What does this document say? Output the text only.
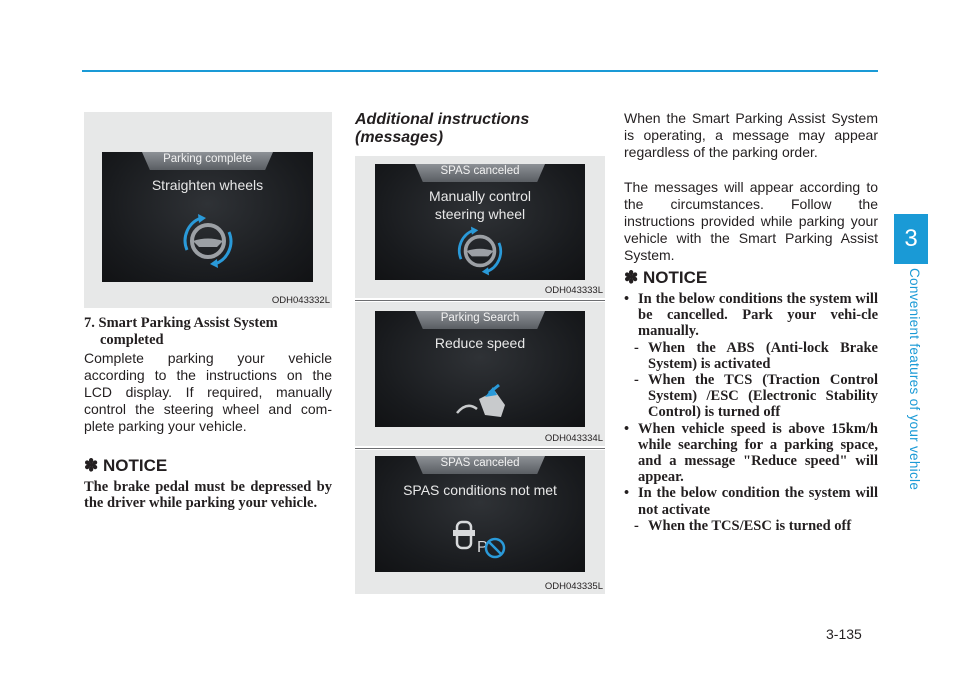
3
Convenient features of your vehicle
3-135
Parking complete
Straighten wheels
ODH043332L
7. Smart Parking Assist System
completed
Complete parking your vehicle according to the instructions on the LCD display. If required, manually control the steering wheel and com-plete parking your vehicle.
✽ NOTICE
The brake pedal must be depressed by the driver while parking your vehicle.
Additional instructions
(messages)
SPAS canceled
Manually control
steering wheel
ODH043333L
Parking Search
Reduce speed
ODH043334L
SPAS canceled
SPAS conditions not met
P
ODH043335L
When the Smart Parking Assist System is operating, a message may appear regardless of the parking order.
The messages will appear according to the circumstances. Follow the instructions provided while parking your vehicle with the Smart Parking Assist System.
✽ NOTICE
• In the below conditions the system will be cancelled. Park your vehi-cle manually.
- When the ABS (Anti-lock Brake System) is activated
- When the TCS (Traction Control System) /ESC (Electronic Stability Control) is turned off
• When vehicle speed is above 15km/h while searching for a parking space, and a message "Reduce speed" will appear.
• In the below condition the system will not activate
- When the TCS/ESC is turned off
